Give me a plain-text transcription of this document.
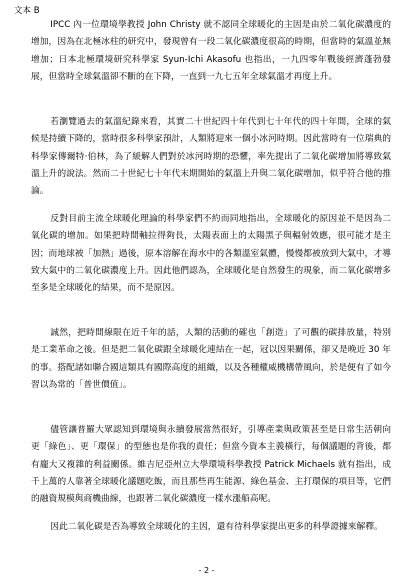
文本 B

IPCC 內一位環境學教授 John Christy 就不認同全球暖化的主因是由於二氧化碳濃度的增加，因為在北極冰柱的研究中，發現曾有一段二氧化碳濃度很高的時期，但當時的氣溫並無增加；日本北極環境研究科學家 Syun-Ichi Akasofu 也指出，一九四零年戰後經濟蓬勃發展，但當時全球氣溫卻不斷的在下降，一直到一九七五年全球氣溫才再度上升。

若瀏覽過去的氣溫紀錄來看，其實二十世紀四十年代到七十年代的四十年間，全球的氣候是持續下降的，當時很多科學家預計，人類將迎來一個小冰河時期。因此當時有一位瑞典的科學家傳爾特·伯林，為了緩解人們對於冰河時期的恐懼，率先提出了二氧化碳增加將導致氣溫上升的說法。然而二十世紀七十年代末期開始的氣溫上升與二氧化碳增加，似乎符合他的推論。

反對目前主流全球暖化理論的科學家們不約而同地指出，全球暖化的原因並不是因為二氧化碳的增加。如果把時間軸拉得夠長，太陽表面上的太陽黑子與輻射效應，很可能才是主因；而地球被「加熱」過後，原本溶解在海水中的各類溫室氣體，慢慢都被放到大氣中，才導致大氣中的二氧化碳濃度上升。因此他們認為，全球暖化是自然發生的現象，而二氧化碳增多至多是全球暖化的結果，而不是原因。

誠然，把時間線限在近千年的話，人類的活動的確也「創造」了可觀的碳排放量，特別是工業革命之後。但是把二氧化碳跟全球暖化連結在一起，冠以因果關係，卻又是晚近 30 年的事。搭配諸如聯合國這類具有國際高度的組織，以及各種權威機構帶風向，於是便有了如今習以為常的「普世價值」。

儘管讓普羅大眾認知到環境與永續發展當然很好，引導產業與政策甚至是日常生活朝向更「綠色」、更「環保」的型態也是你我的責任；但當今資本主義橫行，每個議題的背後，都有龐大又複雜的利益關係。維吉尼亞州立大學環境科學教授 Patrick Michaels 就有指出，成千上萬的人靠著全球暖化議題吃飯，而且那些再生能源、綠色基金、主打環保的項目等，它們的融資規模與商機曲線，也跟著二氧化碳濃度一樣水漲船高呢。

因此二氧化碳是否為導致全球暖化的主因，還有待科學家提出更多的科學證據來解釋。

- 2 -
